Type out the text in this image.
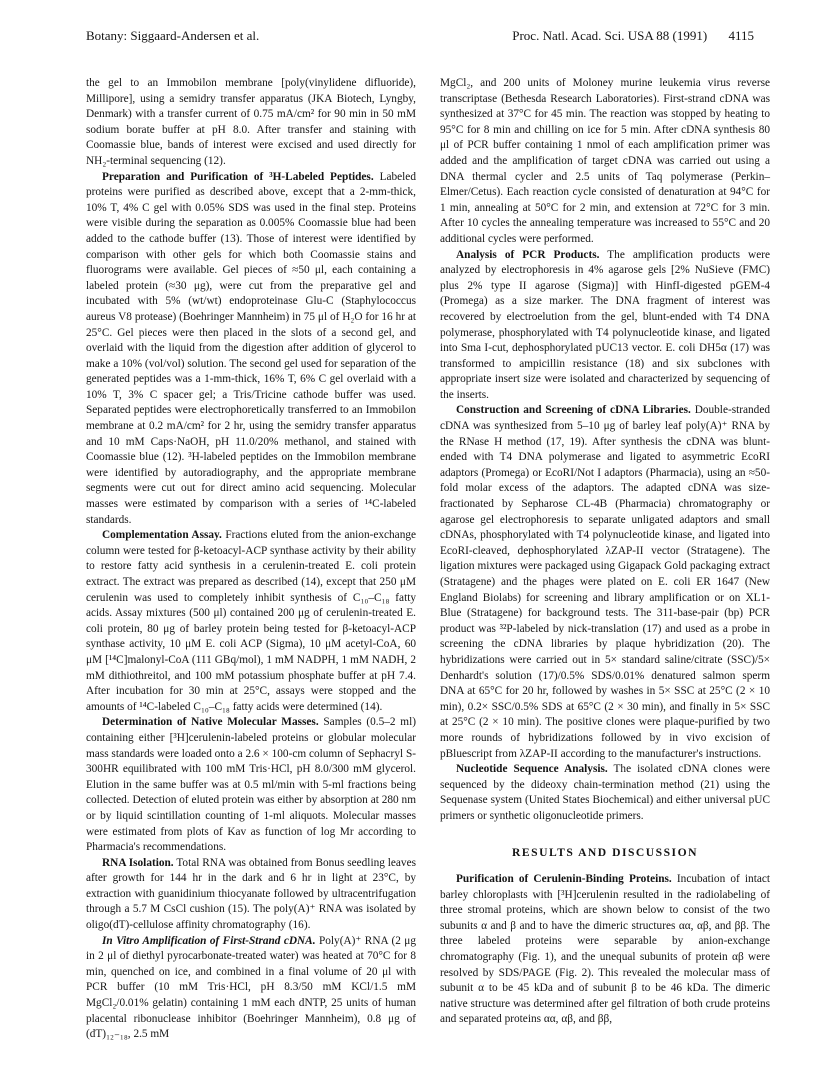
Botany: Siggaard-Andersen et al.	Proc. Natl. Acad. Sci. USA 88 (1991) 4115

the gel to an Immobilon membrane [poly(vinylidene difluoride), Millipore], using a semidry transfer apparatus (JKA Biotech, Lyngby, Denmark) with a transfer current of 0.75 mA/cm² for 90 min in 50 mM sodium borate buffer at pH 8.0. After transfer and staining with Coomassie blue, bands of interest were excised and used directly for NH₂-terminal sequencing (12).

Preparation and Purification of ³H-Labeled Peptides. Labeled proteins were purified as described above, except that a 2-mm-thick, 10% T, 4% C gel with 0.05% SDS was used in the final step. Proteins were visible during the separation as 0.005% Coomassie blue had been added to the cathode buffer (13). Those of interest were identified by comparison with other gels for which both Coomassie stains and fluorograms were available. Gel pieces of ≈50 μl, each containing a labeled protein (≈30 μg), were cut from the preparative gel and incubated with 5% (wt/wt) endoproteinase Glu-C (Staphylococcus aureus V8 protease) (Boehringer Mannheim) in 75 μl of H₂O for 16 hr at 25°C. Gel pieces were then placed in the slots of a second gel, and overlaid with the liquid from the digestion after addition of glycerol to make a 10% (vol/vol) solution. The second gel used for separation of the generated peptides was a 1-mm-thick, 16% T, 6% C gel overlaid with a 10% T, 3% C spacer gel; a Tris/Tricine cathode buffer was used. Separated peptides were electrophoretically transferred to an Immobilon membrane at 0.2 mA/cm² for 2 hr, using the semidry transfer apparatus and 10 mM Caps·NaOH, pH 11.0/20% methanol, and stained with Coomassie blue (12). ³H-labeled peptides on the Immobilon membrane were identified by autoradiography, and the appropriate membrane segments were cut out for direct amino acid sequencing. Molecular masses were estimated by comparison with a series of ¹⁴C-labeled standards.

Complementation Assay. Fractions eluted from the anion-exchange column were tested for β-ketoacyl-ACP synthase activity by their ability to restore fatty acid synthesis in a cerulenin-treated E. coli protein extract. The extract was prepared as described (14), except that 250 μM cerulenin was used to completely inhibit synthesis of C₁₀–C₁₈ fatty acids. Assay mixtures (500 μl) contained 200 μg of cerulenin-treated E. coli protein, 80 μg of barley protein being tested for β-ketoacyl-ACP synthase activity, 10 μM E. coli ACP (Sigma), 10 μM acetyl-CoA, 60 μM [¹⁴C]malonyl-CoA (111 GBq/mol), 1 mM NADPH, 1 mM NADH, 2 mM dithiothreitol, and 100 mM potassium phosphate buffer at pH 7.4. After incubation for 30 min at 25°C, assays were stopped and the amounts of ¹⁴C-labeled C₁₀–C₁₈ fatty acids were determined (14).

Determination of Native Molecular Masses. Samples (0.5–2 ml) containing either [³H]cerulenin-labeled proteins or globular molecular mass standards were loaded onto a 2.6 × 100-cm column of Sephacryl S-300HR equilibrated with 100 mM Tris·HCl, pH 8.0/300 mM glycerol. Elution in the same buffer was at 0.5 ml/min with 5-ml fractions being collected. Detection of eluted protein was either by absorption at 280 nm or by liquid scintillation counting of 1-ml aliquots. Molecular masses were estimated from plots of Kav as function of log Mr according to Pharmacia's recommendations.

RNA Isolation. Total RNA was obtained from Bonus seedling leaves after growth for 144 hr in the dark and 6 hr in light at 23°C, by extraction with guanidinium thiocyanate followed by ultracentrifugation through a 5.7 M CsCl cushion (15). The poly(A)⁺ RNA was isolated by oligo(dT)-cellulose affinity chromatography (16).

In Vitro Amplification of First-Strand cDNA. Poly(A)⁺ RNA (2 μg in 2 μl of diethyl pyrocarbonate-treated water) was heated at 70°C for 8 min, quenched on ice, and combined in a final volume of 20 μl with PCR buffer (10 mM Tris·HCl, pH 8.3/50 mM KCl/1.5 mM MgCl₂/0.01% gelatin) containing 1 mM each dNTP, 25 units of human placental ribonuclease inhibitor (Boehringer Mannheim), 0.8 μg of (dT)₁₂₋₁₈, 2.5 mM

MgCl₂, and 200 units of Moloney murine leukemia virus reverse transcriptase (Bethesda Research Laboratories). First-strand cDNA was synthesized at 37°C for 45 min. The reaction was stopped by heating to 95°C for 8 min and chilling on ice for 5 min. After cDNA synthesis 80 μl of PCR buffer containing 1 nmol of each amplification primer was added and the amplification of target cDNA was carried out using a DNA thermal cycler and 2.5 units of Taq polymerase (Perkin–Elmer/Cetus). Each reaction cycle consisted of denaturation at 94°C for 1 min, annealing at 50°C for 2 min, and extension at 72°C for 3 min. After 10 cycles the annealing temperature was increased to 55°C and 20 additional cycles were performed.

Analysis of PCR Products. The amplification products were analyzed by electrophoresis in 4% agarose gels [2% NuSieve (FMC) plus 2% type II agarose (Sigma)] with HinfI-digested pGEM-4 (Promega) as a size marker. The DNA fragment of interest was recovered by electroelution from the gel, blunt-ended with T4 DNA polymerase, phosphorylated with T4 polynucleotide kinase, and ligated into Sma I-cut, dephosphorylated pUC13 vector. E. coli DH5α (17) was transformed to ampicillin resistance (18) and six subclones with appropriate insert size were isolated and characterized by sequencing of the inserts.

Construction and Screening of cDNA Libraries. Double-stranded cDNA was synthesized from 5–10 μg of barley leaf poly(A)⁺ RNA by the RNase H method (17, 19). After synthesis the cDNA was blunt-ended with T4 DNA polymerase and ligated to asymmetric EcoRI adaptors (Promega) or EcoRI/Not I adaptors (Pharmacia), using an ≈50-fold molar excess of the adaptors. The adapted cDNA was size-fractionated by Sepharose CL-4B (Pharmacia) chromatography or agarose gel electrophoresis to separate unligated adaptors and small cDNAs, phosphorylated with T4 polynucleotide kinase, and ligated into EcoRI-cleaved, dephosphorylated λZAP-II vector (Stratagene). The ligation mixtures were packaged using Gigapack Gold packaging extract (Stratagene) and the phages were plated on E. coli ER 1647 (New England Biolabs) for screening and library amplification or on XL1-Blue (Stratagene) for background tests. The 311-base-pair (bp) PCR product was ³²P-labeled by nick-translation (17) and used as a probe in screening the cDNA libraries by plaque hybridization (20). The hybridizations were carried out in 5× standard saline/citrate (SSC)/5× Denhardt's solution (17)/0.5% SDS/0.01% denatured salmon sperm DNA at 65°C for 20 hr, followed by washes in 5× SSC at 25°C (2 × 10 min), 0.2× SSC/0.5% SDS at 65°C (2 × 30 min), and finally in 5× SSC at 25°C (2 × 10 min). The positive clones were plaque-purified by two more rounds of hybridizations followed by in vivo excision of pBluescript from λZAP-II according to the manufacturer's instructions.

Nucleotide Sequence Analysis. The isolated cDNA clones were sequenced by the dideoxy chain-termination method (21) using the Sequenase system (United States Biochemical) and either universal pUC primers or synthetic oligonucleotide primers.

RESULTS AND DISCUSSION

Purification of Cerulenin-Binding Proteins. Incubation of intact barley chloroplasts with [³H]cerulenin resulted in the radiolabeling of three stromal proteins, which are shown below to consist of the two subunits α and β and to have the dimeric structures αα, αβ, and ββ. The three labeled proteins were separable by anion-exchange chromatography (Fig. 1), and the unequal subunits of protein αβ were resolved by SDS/PAGE (Fig. 2). This revealed the molecular mass of subunit α to be 45 kDa and of subunit β to be 46 kDa. The dimeric native structure was determined after gel filtration of both crude proteins and separated proteins αα, αβ, and ββ,
